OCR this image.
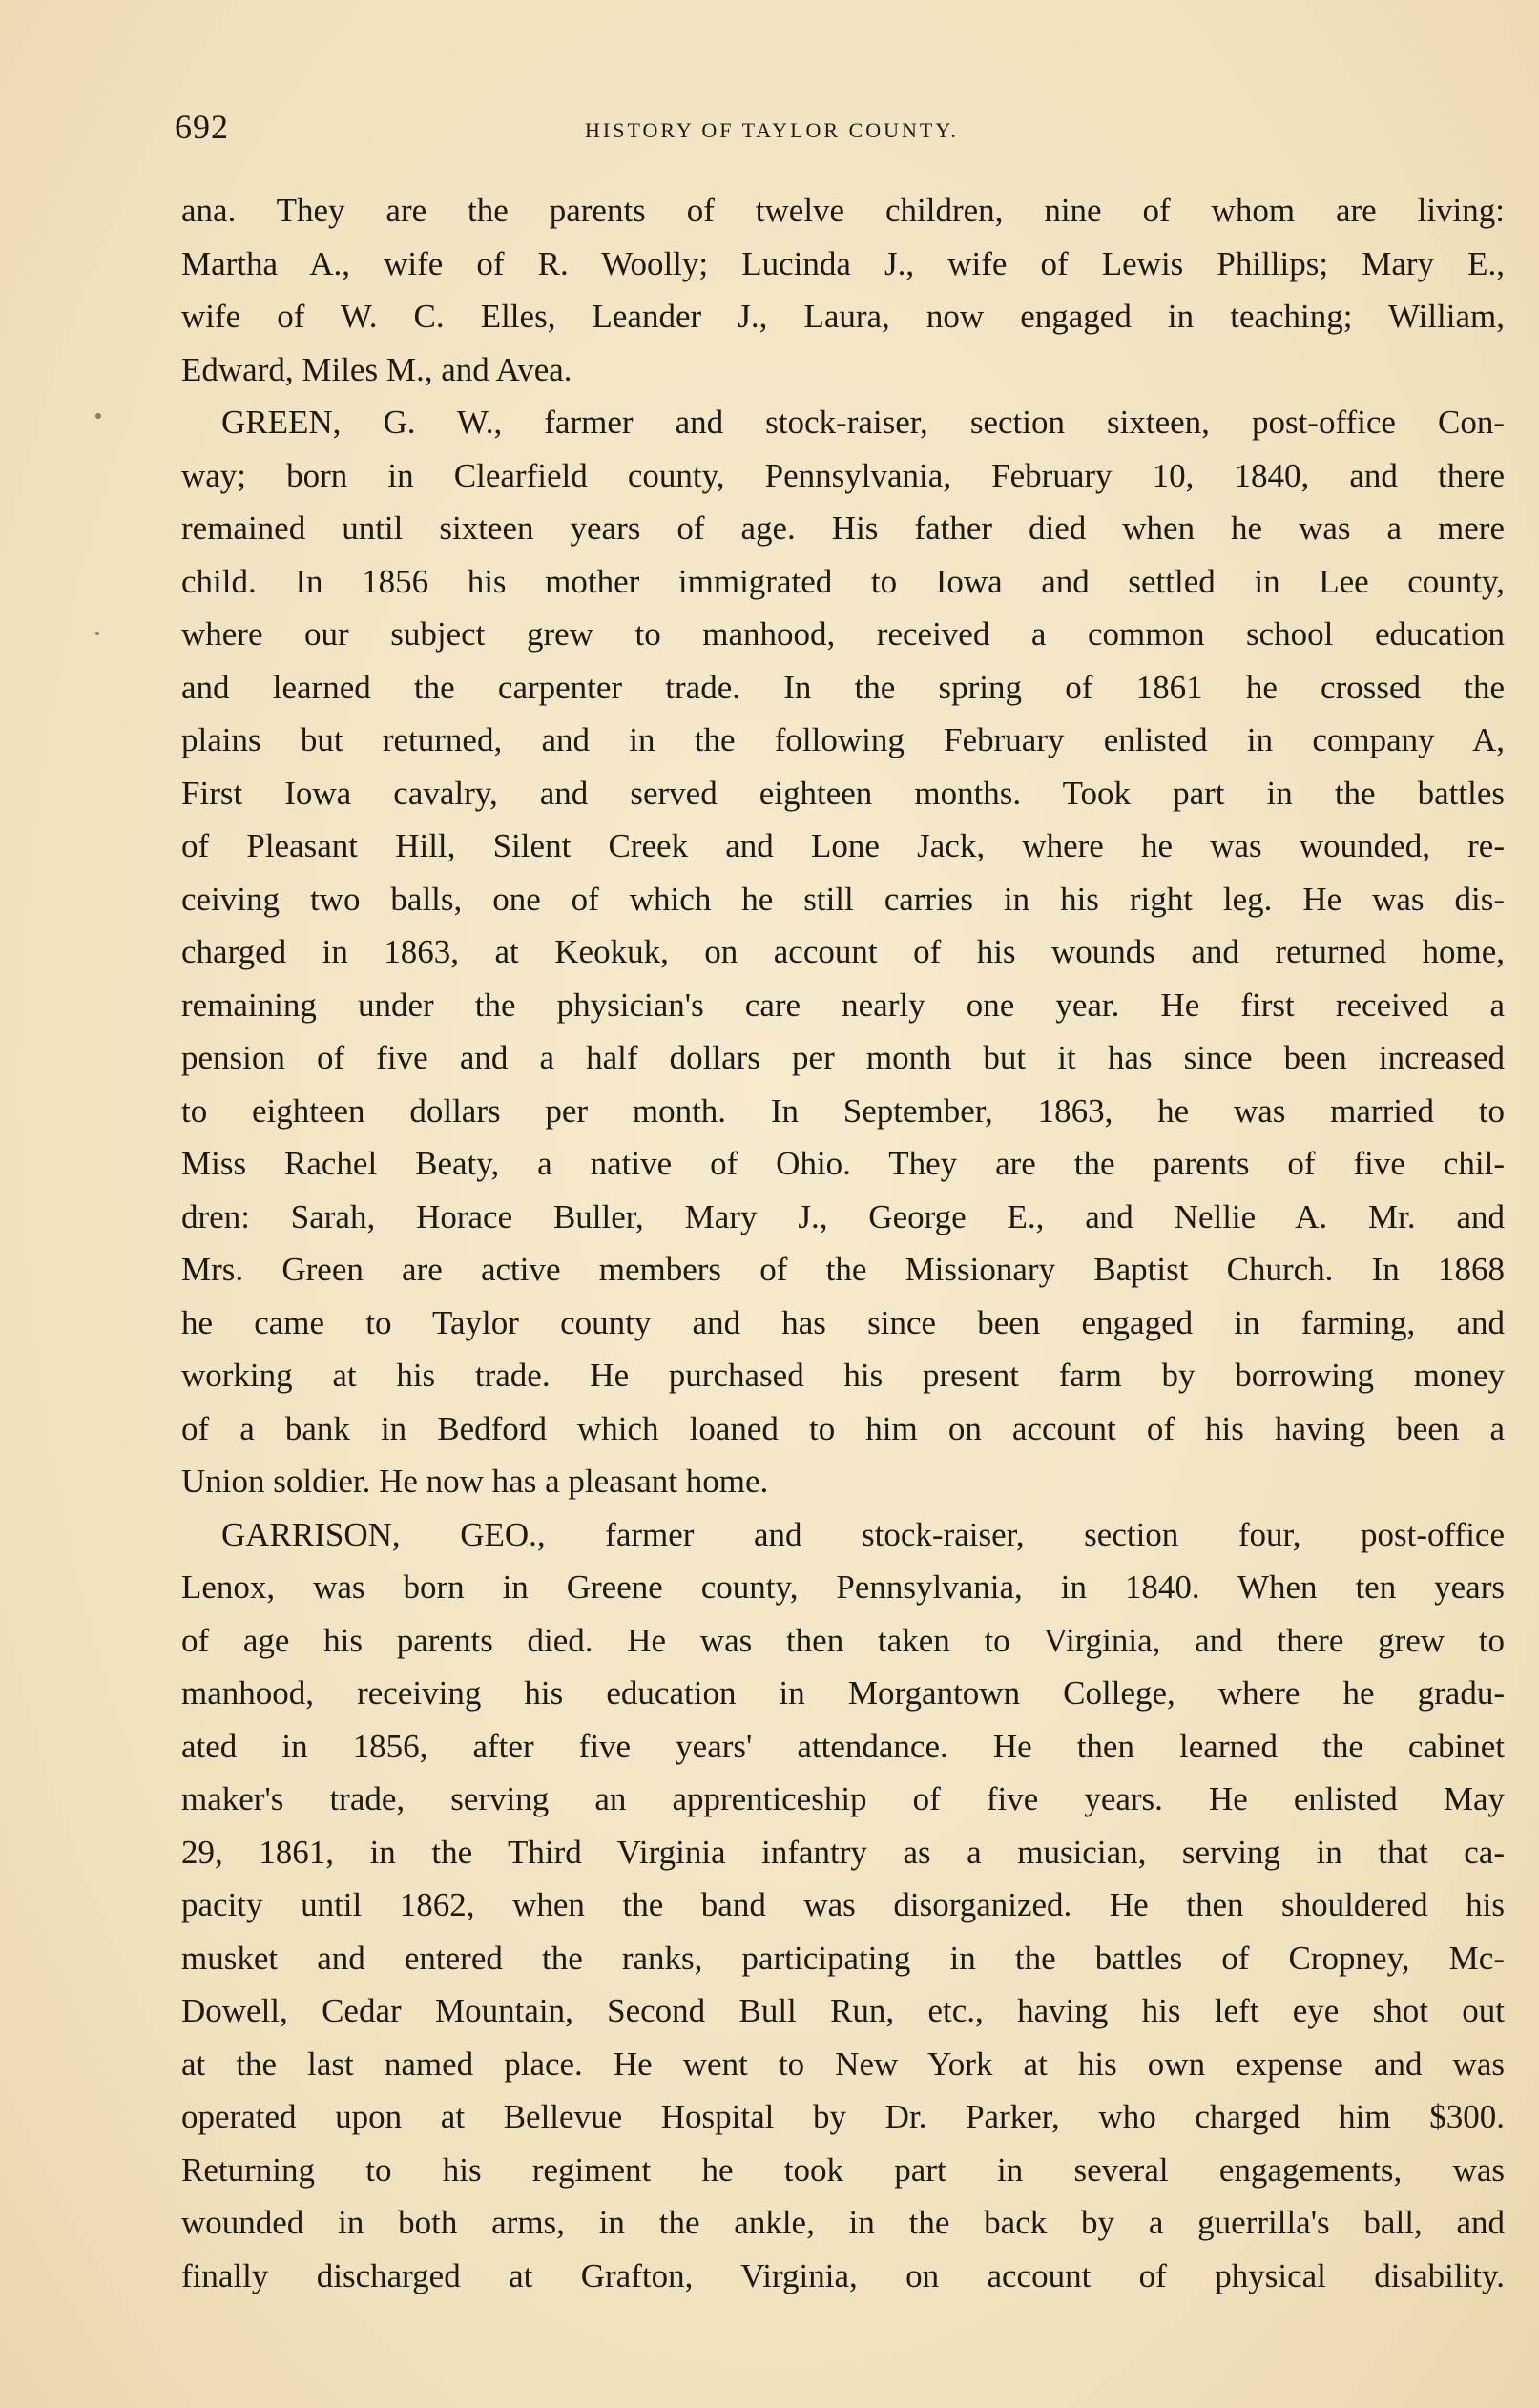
692	HISTORY OF TAYLOR COUNTY.
ana. They are the parents of twelve children, nine of whom are living:
Martha A., wife of R. Woolly; Lucinda J., wife of Lewis Phillips; Mary E.,
wife of W. C. Elles, Leander J., Laura, now engaged in teaching; William,
Edward, Miles M., and Avea.
GREEN, G. W., farmer and stock-raiser, section sixteen, post-office Con-
way; born in Clearfield county, Pennsylvania, February 10, 1840, and there
remained until sixteen years of age. His father died when he was a mere
child. In 1856 his mother immigrated to Iowa and settled in Lee county,
where our subject grew to manhood, received a common school education
and learned the carpenter trade. In the spring of 1861 he crossed the
plains but returned, and in the following February enlisted in company A,
First Iowa cavalry, and served eighteen months. Took part in the battles
of Pleasant Hill, Silent Creek and Lone Jack, where he was wounded, re-
ceiving two balls, one of which he still carries in his right leg. He was dis-
charged in 1863, at Keokuk, on account of his wounds and returned home,
remaining under the physician's care nearly one year. He first received a
pension of five and a half dollars per month but it has since been increased
to eighteen dollars per month. In September, 1863, he was married to
Miss Rachel Beaty, a native of Ohio. They are the parents of five chil-
dren: Sarah, Horace Buller, Mary J., George E., and Nellie A. Mr. and
Mrs. Green are active members of the Missionary Baptist Church. In 1868
he came to Taylor county and has since been engaged in farming, and
working at his trade. He purchased his present farm by borrowing money
of a bank in Bedford which loaned to him on account of his having been a
Union soldier. He now has a pleasant home.
GARRISON, GEO., farmer and stock-raiser, section four, post-office
Lenox, was born in Greene county, Pennsylvania, in 1840. When ten years
of age his parents died. He was then taken to Virginia, and there grew to
manhood, receiving his education in Morgantown College, where he gradu-
ated in 1856, after five years' attendance. He then learned the cabinet
maker's trade, serving an apprenticeship of five years. He enlisted May
29, 1861, in the Third Virginia infantry as a musician, serving in that ca-
pacity until 1862, when the band was disorganized. He then shouldered his
musket and entered the ranks, participating in the battles of Cropney, Mc-
Dowell, Cedar Mountain, Second Bull Run, etc., having his left eye shot out
at the last named place. He went to New York at his own expense and was
operated upon at Bellevue Hospital by Dr. Parker, who charged him $300.
Returning to his regiment he took part in several engagements, was
wounded in both arms, in the ankle, in the back by a guerrilla's ball, and
finally discharged at Grafton, Virginia, on account of physical disability.
